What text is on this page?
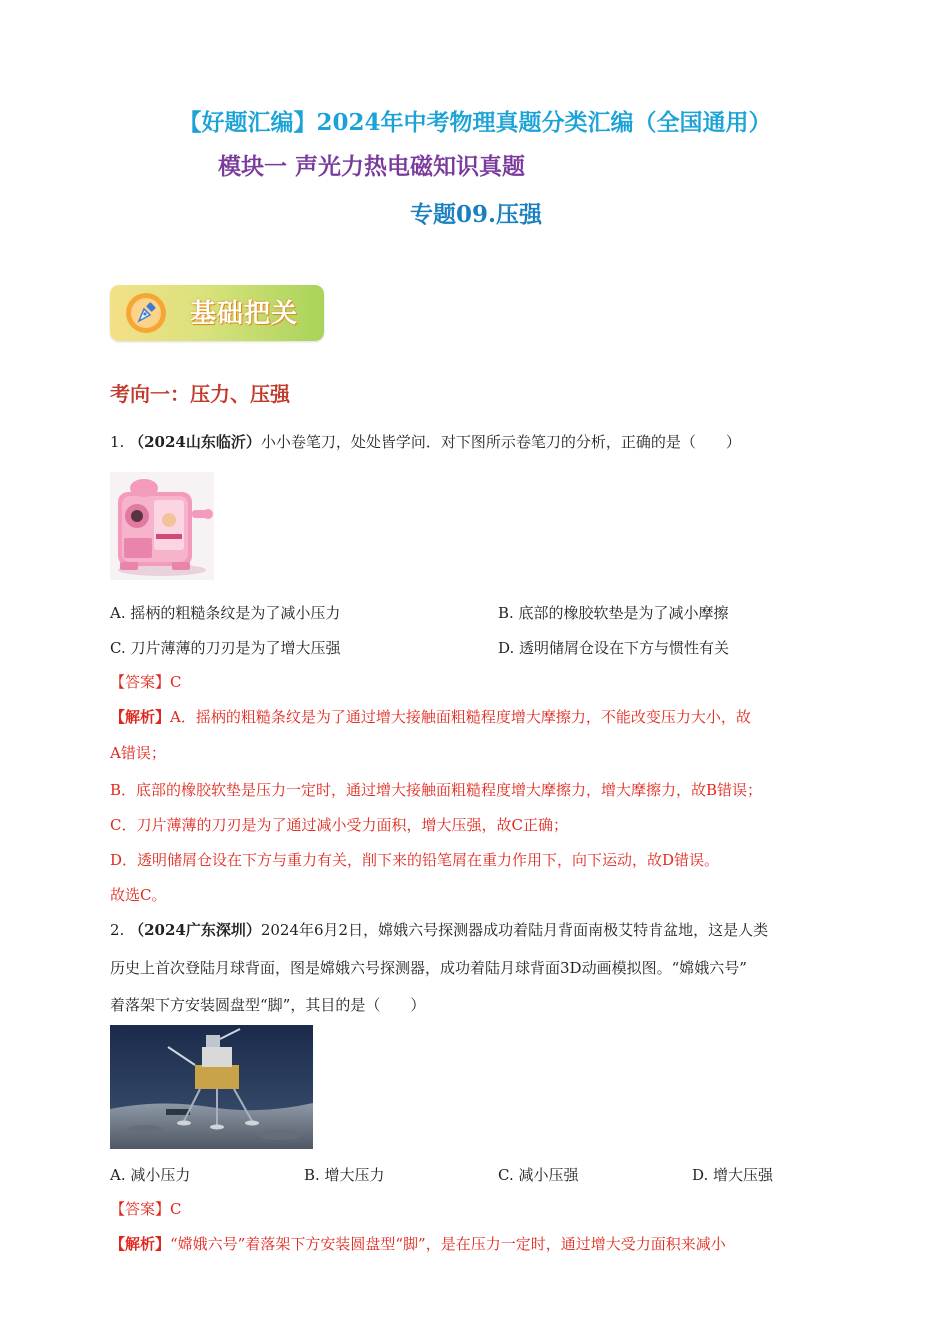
【好题汇编】2024年中考物理真题分类汇编（全国通用）
模块一 声光力热电磁知识真题
专题09.压强
基础把关
考向一：压力、压强
1. （2024山东临沂）小小卷笔刀，处处皆学问．对下图所示卷笔刀的分析，正确的是（　　）
A. 摇柄的粗糙条纹是为了减小压力	B. 底部的橡胶软垫是为了减小摩擦
C. 刀片薄薄的刀刃是为了增大压强	D. 透明储屑仓设在下方与惯性有关
【答案】C
【解析】A．摇柄的粗糙条纹是为了通过增大接触面粗糙程度增大摩擦力，不能改变压力大小，故
A错误；
B．底部的橡胶软垫是压力一定时，通过增大接触面粗糙程度增大摩擦力，增大摩擦力，故B错误；
C．刀片薄薄的刀刃是为了通过减小受力面积，增大压强，故C正确；
D．透明储屑仓设在下方与重力有关，削下来的铅笔屑在重力作用下，向下运动，故D错误。
故选C。
2. （2024广东深圳）2024年6月2日，嫦娥六号探测器成功着陆月背面南极艾特肯盆地，这是人类
历史上首次登陆月球背面，图是嫦娥六号探测器，成功着陆月球背面3D动画模拟图。“嫦娥六号”
着落架下方安装圆盘型“脚”，其目的是（　　）
A. 减小压力	B. 增大压力	C. 减小压强	D. 增大压强
【答案】C
【解析】“嫦娥六号”着落架下方安装圆盘型“脚”，是在压力一定时，通过增大受力面积来减小
